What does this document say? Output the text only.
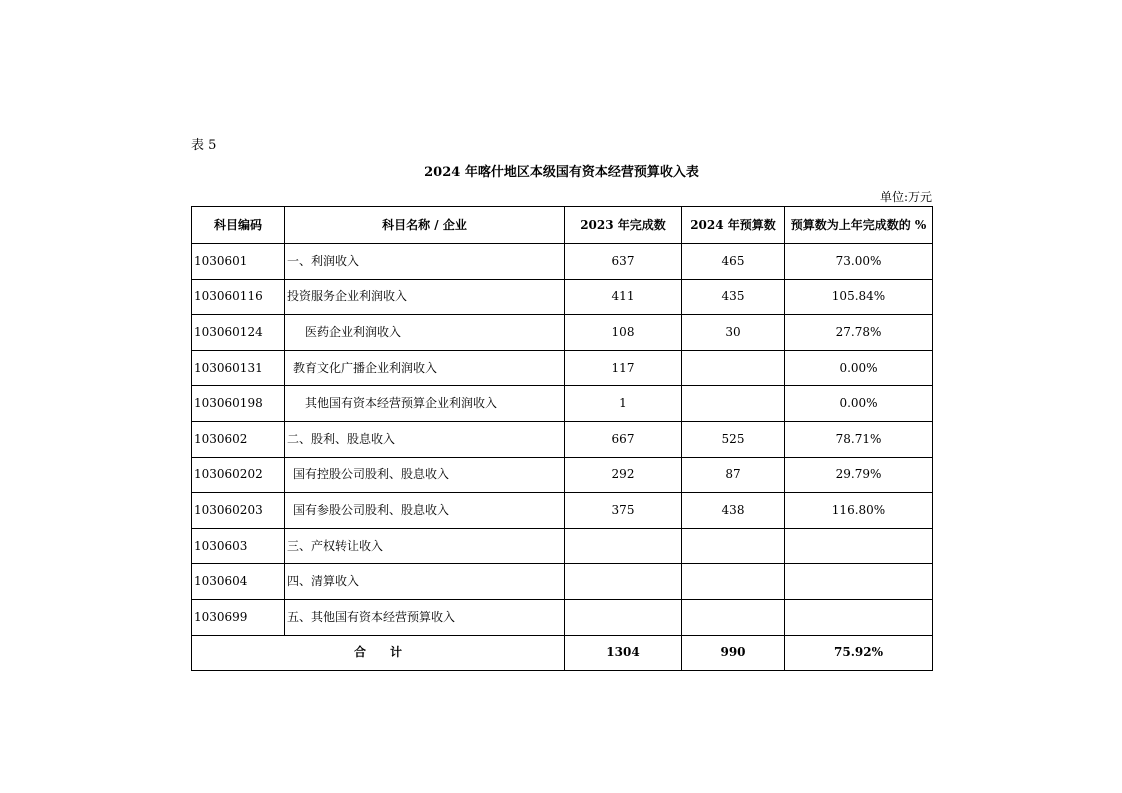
表 5
2024 年喀什地区本级国有资本经营预算收入表
单位:万元
科目编码	科目名称 / 企业	2023 年完成数	2024 年预算数	预算数为上年完成数的 %
1030601	一、利润收入	637	465	73.00%
103060116	投资服务企业利润收入	411	435	105.84%
103060124	医药企业利润收入	108	30	27.78%
103060131	教育文化广播企业利润收入	117		0.00%
103060198	其他国有资本经营预算企业利润收入	1		0.00%
1030602	二、股利、股息收入	667	525	78.71%
103060202	国有控股公司股利、股息收入	292	87	29.79%
103060203	国有参股公司股利、股息收入	375	438	116.80%
1030603	三、产权转让收入			
1030604	四、清算收入			
1030699	五、其他国有资本经营预算收入			
合　　计		1304	990	75.92%
